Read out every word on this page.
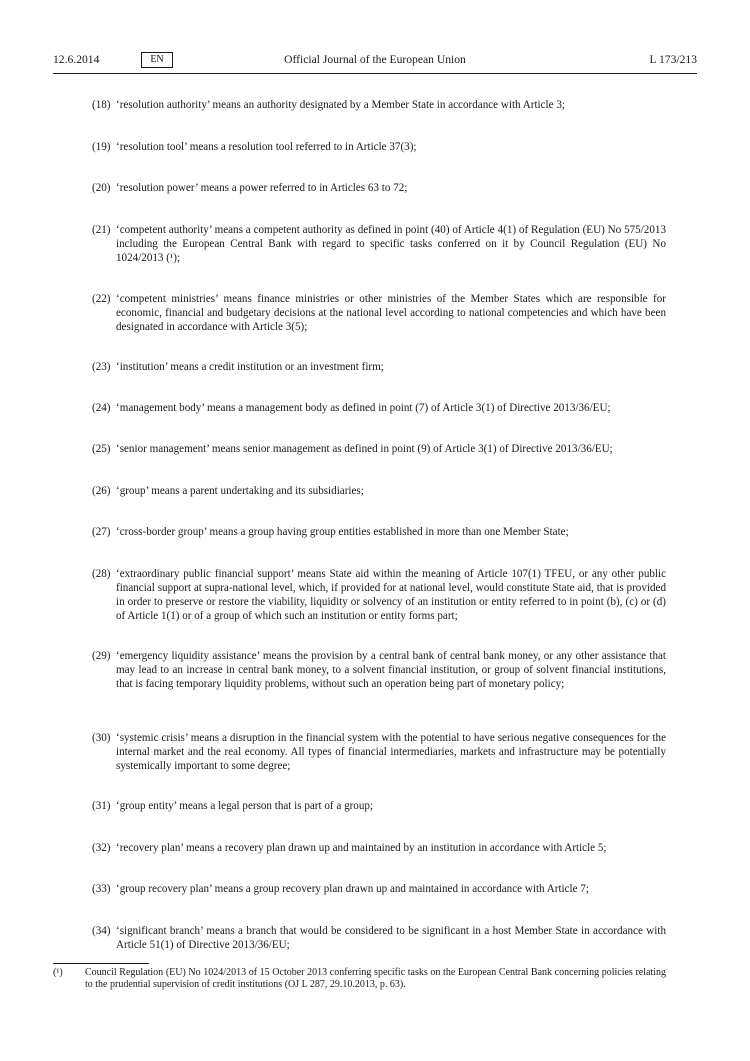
12.6.2014	EN	Official Journal of the European Union	L 173/213
(18) ‘resolution authority’ means an authority designated by a Member State in accordance with Article 3;
(19) ‘resolution tool’ means a resolution tool referred to in Article 37(3);
(20) ‘resolution power’ means a power referred to in Articles 63 to 72;
(21) ‘competent authority’ means a competent authority as defined in point (40) of Article 4(1) of Regulation (EU) No 575/2013 including the European Central Bank with regard to specific tasks conferred on it by Council Regulation (EU) No 1024/2013 (¹);
(22) ‘competent ministries’ means finance ministries or other ministries of the Member States which are responsible for economic, financial and budgetary decisions at the national level according to national competencies and which have been designated in accordance with Article 3(5);
(23) ‘institution’ means a credit institution or an investment firm;
(24) ‘management body’ means a management body as defined in point (7) of Article 3(1) of Directive 2013/36/EU;
(25) ‘senior management’ means senior management as defined in point (9) of Article 3(1) of Directive 2013/36/EU;
(26) ‘group’ means a parent undertaking and its subsidiaries;
(27) ‘cross-border group’ means a group having group entities established in more than one Member State;
(28) ‘extraordinary public financial support’ means State aid within the meaning of Article 107(1) TFEU, or any other public financial support at supra-national level, which, if provided for at national level, would constitute State aid, that is provided in order to preserve or restore the viability, liquidity or solvency of an institution or entity referred to in point (b), (c) or (d) of Article 1(1) or of a group of which such an institution or entity forms part;
(29) ‘emergency liquidity assistance’ means the provision by a central bank of central bank money, or any other assistance that may lead to an increase in central bank money, to a solvent financial institution, or group of solvent financial institutions, that is facing temporary liquidity problems, without such an operation being part of monetary policy;
(30) ‘systemic crisis’ means a disruption in the financial system with the potential to have serious negative consequences for the internal market and the real economy. All types of financial intermediaries, markets and infrastructure may be potentially systemically important to some degree;
(31) ‘group entity’ means a legal person that is part of a group;
(32) ‘recovery plan’ means a recovery plan drawn up and maintained by an institution in accordance with Article 5;
(33) ‘group recovery plan’ means a group recovery plan drawn up and maintained in accordance with Article 7;
(34) ‘significant branch’ means a branch that would be considered to be significant in a host Member State in accordance with Article 51(1) of Directive 2013/36/EU;
(¹) Council Regulation (EU) No 1024/2013 of 15 October 2013 conferring specific tasks on the European Central Bank concerning policies relating to the prudential supervision of credit institutions (OJ L 287, 29.10.2013, p. 63).
